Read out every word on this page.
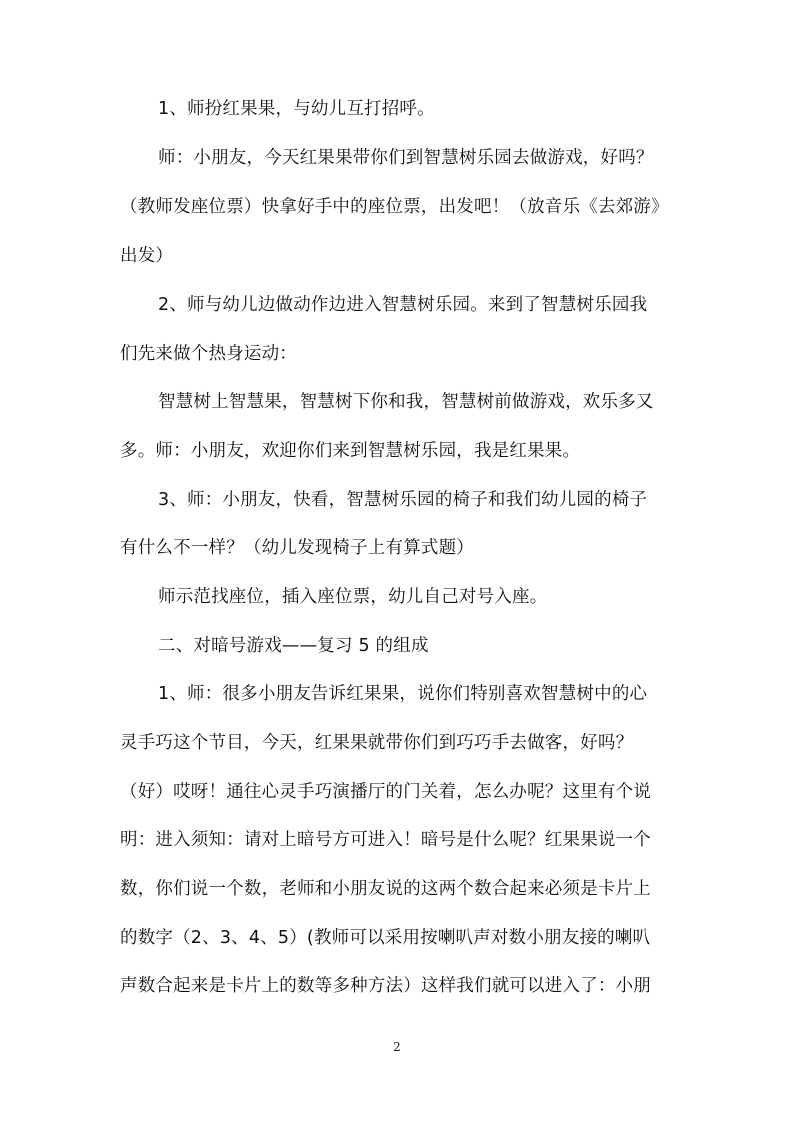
1、师扮红果果，与幼儿互打招呼。
师：小朋友，今天红果果带你们到智慧树乐园去做游戏，好吗？
（教师发座位票）快拿好手中的座位票，出发吧！（放音乐《去郊游》
出发）
2、师与幼儿边做动作边进入智慧树乐园。来到了智慧树乐园我
们先来做个热身运动：
智慧树上智慧果，智慧树下你和我，智慧树前做游戏，欢乐多又
多。师：小朋友，欢迎你们来到智慧树乐园，我是红果果。
3、师：小朋友，快看，智慧树乐园的椅子和我们幼儿园的椅子
有什么不一样？（幼儿发现椅子上有算式题）
师示范找座位，插入座位票，幼儿自己对号入座。
二、对暗号游戏——复习 5 的组成
1、师：很多小朋友告诉红果果，说你们特别喜欢智慧树中的心
灵手巧这个节目，今天，红果果就带你们到巧巧手去做客，好吗？
（好）哎呀！通往心灵手巧演播厅的门关着，怎么办呢？这里有个说
明：进入须知：请对上暗号方可进入！暗号是什么呢？红果果说一个
数，你们说一个数，老师和小朋友说的这两个数合起来必须是卡片上
的数字（2、3、4、5）(教师可以采用按喇叭声对数小朋友接的喇叭
声数合起来是卡片上的数等多种方法）这样我们就可以进入了：小朋
2
